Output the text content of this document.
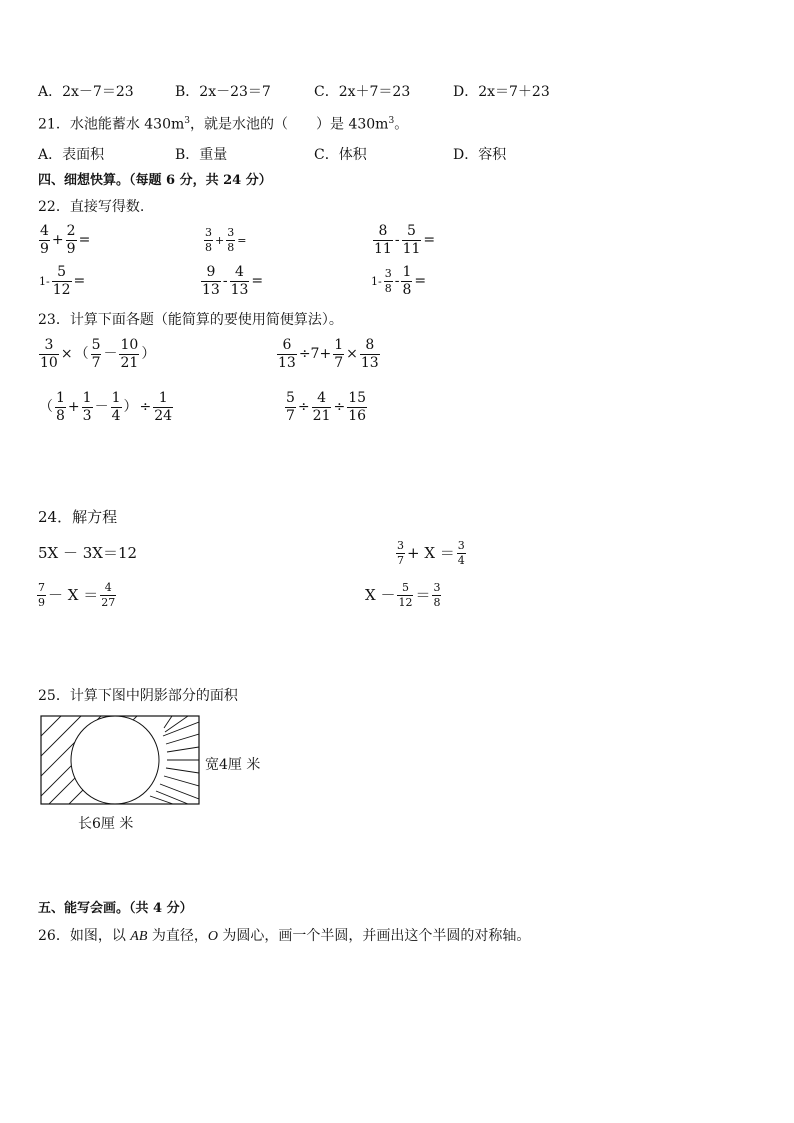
A．2x－7＝23	B．2x－23＝7	C．2x＋7＝23	D．2x＝7＋23
21．水池能蓄水 $430m^3$，就是水池的（　　）是 $430m^3$。
A．表面积	B．重量	C．体积	D．容积
四、细想快算。（每题 6 分，共 24 分）
22．直接写得数.
$\frac{4}{9} + \frac{2}{9}$ =	$\frac{3}{8} + \frac{3}{8}$ =	$\frac{8}{11} - \frac{5}{11}$ =
$1- \frac{5}{12}$ =	$\frac{9}{13} - \frac{4}{13}$ =	$1- \frac{3}{8} - \frac{1}{8}$ =
23．计算下面各题（能简算的要使用简便算法）。
$\frac{3}{10}$ × （ $\frac{5}{7} - \frac{10}{21}$ ）	$\frac{6}{13} \div 7+ \frac{1}{7} \times \frac{8}{13}$
（ $\frac{1}{8} + \frac{1}{3} - \frac{1}{4}$ ） ÷ $\frac{1}{24}$	$\frac{5}{7} \div \frac{4}{21} \div \frac{15}{16}$
24．解方程
5X － 3X＝12	$\frac{3}{7} + X = \frac{3}{4}$
$\frac{7}{9} - X = \frac{4}{27}$	$X - \frac{5}{12} = \frac{3}{8}$
25．计算下图中阴影部分的面积
宽4厘 米
长6厘 米
五、能写会画。（共 4 分）
26．如图，以 AB 为直径，O 为圆心，画一个半圆，并画出这个半圆的对称轴。
